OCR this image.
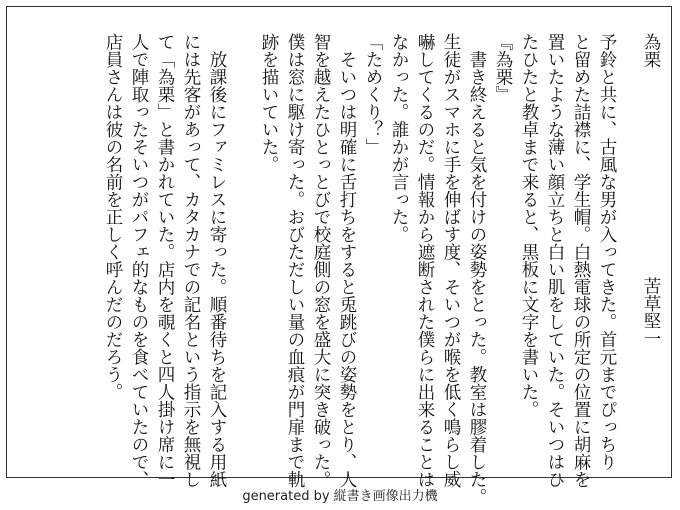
為栗
苦草堅一
予鈴と共に、古風な男が入ってきた。首元までぴっちり
と留めた詰襟に、学生帽。白熱電球の所定の位置に胡麻を
置いたような薄い顔立ちと白い肌をしていた。そいつはひ
たひたと教卓まで来ると、黒板に文字を書いた。
『為栗』
　書き終えると気を付けの姿勢をとった。教室は膠着した。
生徒がスマホに手を伸ばす度、そいつが喉を低く鳴らし威
嚇してくるのだ。情報から遮断された僕らに出来ることは
なかった。誰かが言った。
「ためくり？」
　そいつは明確に舌打ちをすると兎跳びの姿勢をとり、人
智を越えたひとっとびで校庭側の窓を盛大に突き破った。
僕は窓に駆け寄った。おびただしい量の血痕が門扉まで軌
跡を描いていた。
　放課後にファミレスに寄った。順番待ちを記入する用紙
には先客があって、カタカナでの記名という指示を無視し
て「為栗」と書かれていた。店内を覗くと四人掛け席に一
人で陣取ったそいつがパフェ的なものを食べていたので、
店員さんは彼の名前を正しく呼んだのだろう。
generated by 縦書き画像出力機
